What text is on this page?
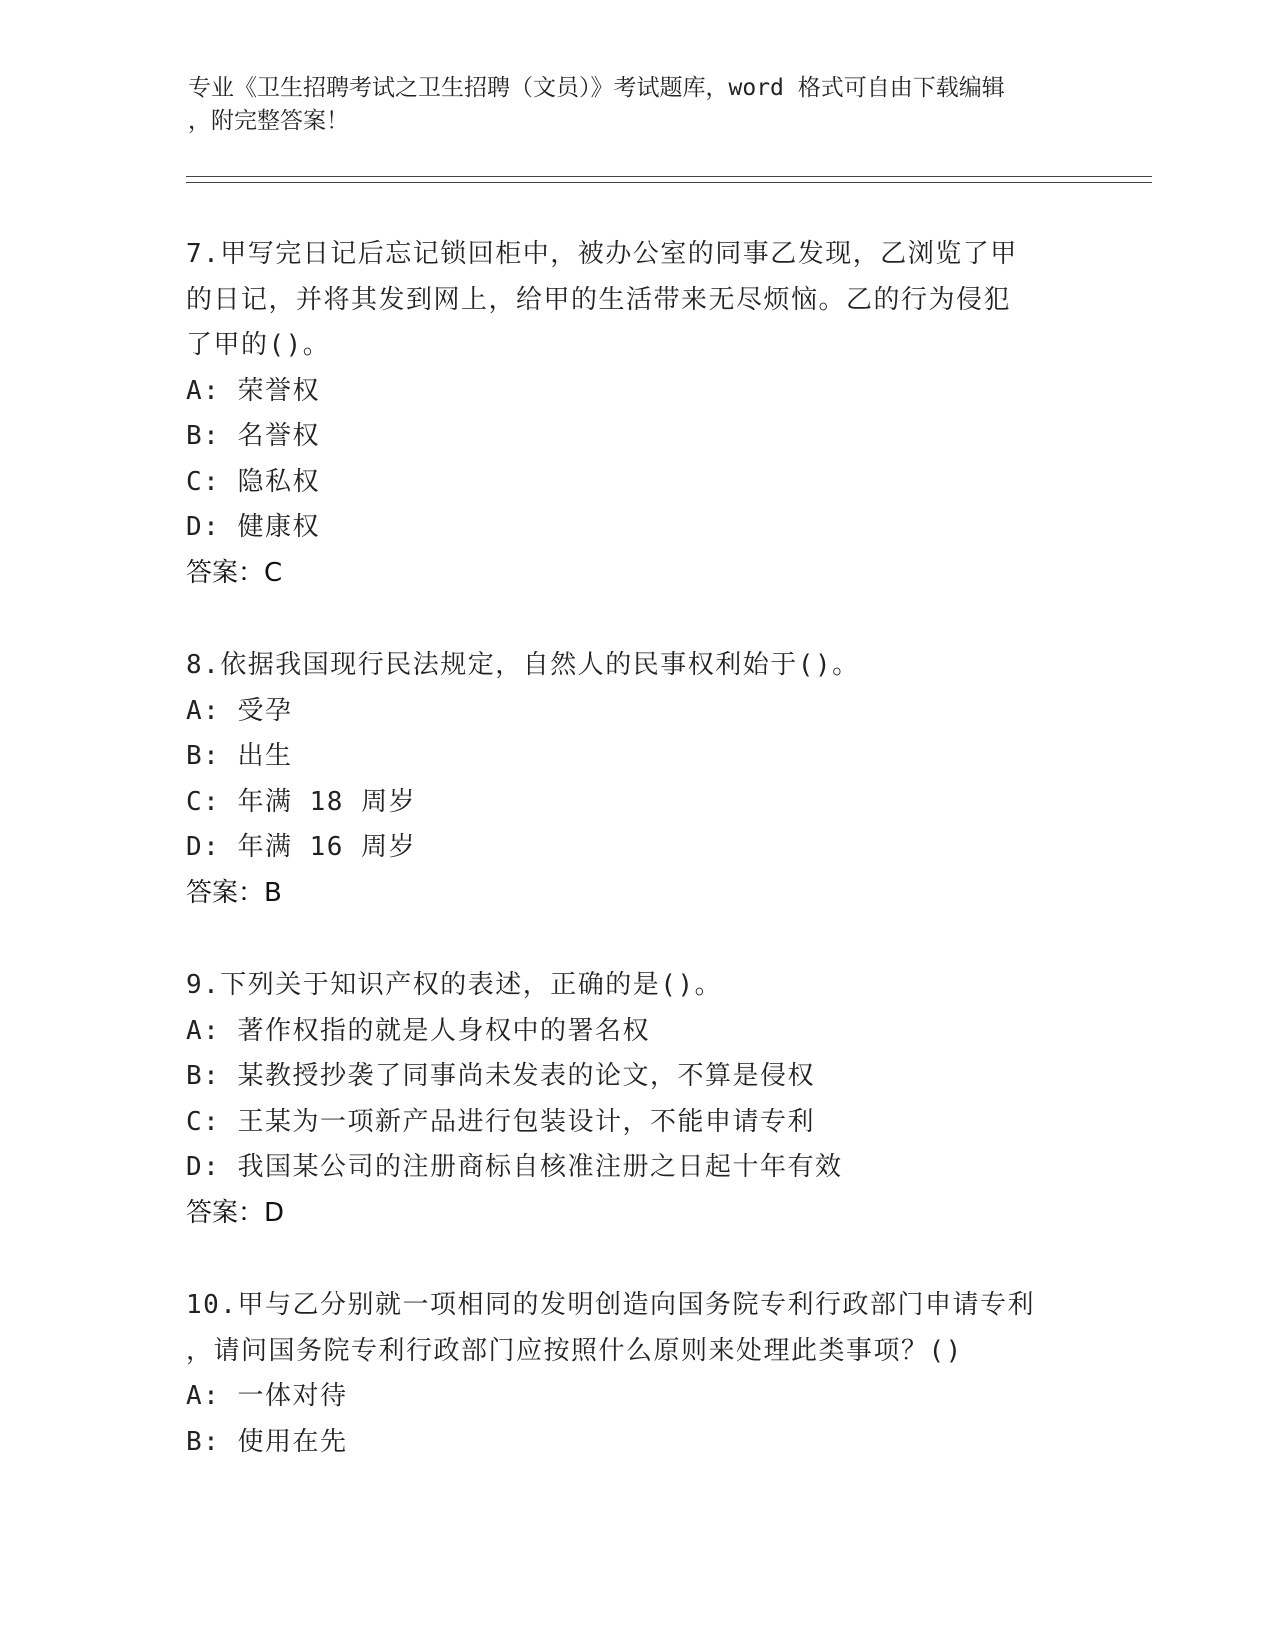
专业《卫生招聘考试之卫生招聘（文员）》考试题库，word 格式可自由下载编辑
，附完整答案！
7.甲写完日记后忘记锁回柜中，被办公室的同事乙发现，乙浏览了甲
的日记，并将其发到网上，给甲的生活带来无尽烦恼。乙的行为侵犯
了甲的()。
A: 荣誉权
B: 名誉权
C: 隐私权
D: 健康权
答案：C
8.依据我国现行民法规定，自然人的民事权利始于()。
A: 受孕
B: 出生
C: 年满 18 周岁
D: 年满 16 周岁
答案：B
9.下列关于知识产权的表述，正确的是()。
A: 著作权指的就是人身权中的署名权
B: 某教授抄袭了同事尚未发表的论文，不算是侵权
C: 王某为一项新产品进行包装设计，不能申请专利
D: 我国某公司的注册商标自核准注册之日起十年有效
答案：D
10.甲与乙分别就一项相同的发明创造向国务院专利行政部门申请专利
，请问国务院专利行政部门应按照什么原则来处理此类事项？()
A: 一体对待
B: 使用在先
